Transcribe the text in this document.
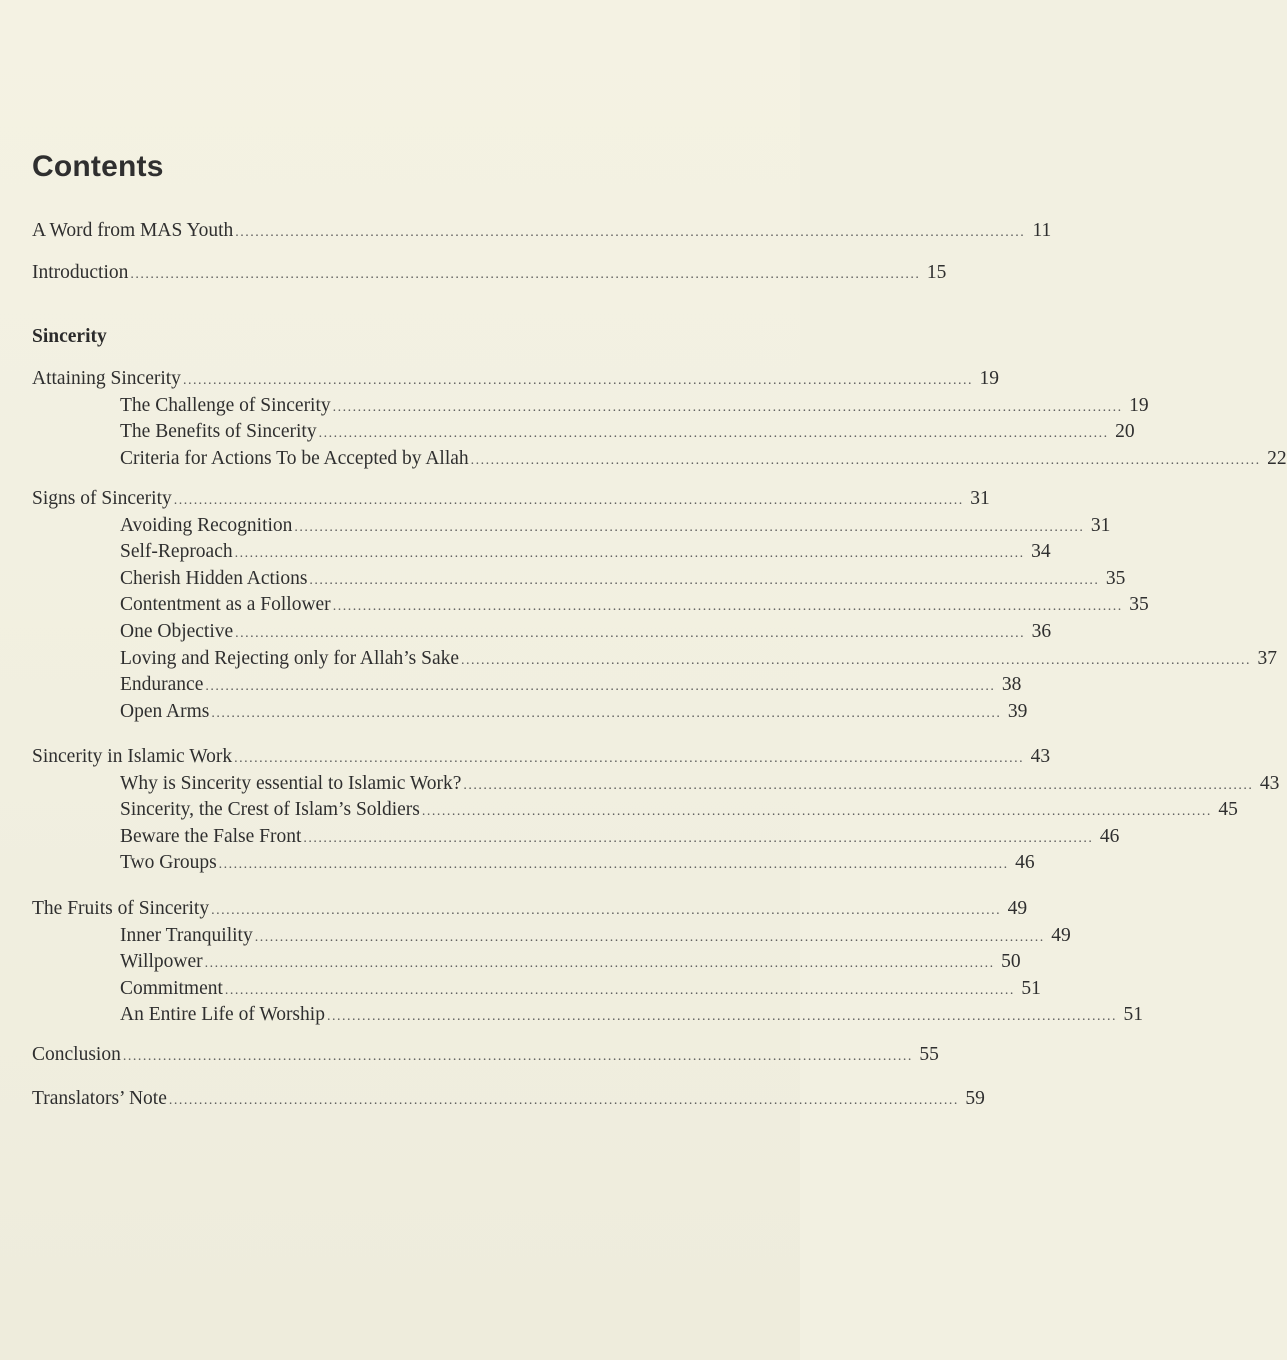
Contents
Sincerity
A Word from MAS Youth .............................................................................................................................................................. 11
Introduction .............................................................................................................................................................. 15
Attaining Sincerity .............................................................................................................................................................. 19
The Challenge of Sincerity .............................................................................................................................................................. 19
The Benefits of Sincerity .............................................................................................................................................................. 20
Criteria for Actions To be Accepted by Allah .............................................................................................................................................................. 22
Signs of Sincerity .............................................................................................................................................................. 31
Avoiding Recognition .............................................................................................................................................................. 31
Self-Reproach .............................................................................................................................................................. 34
Cherish Hidden Actions .............................................................................................................................................................. 35
Contentment as a Follower .............................................................................................................................................................. 35
One Objective .............................................................................................................................................................. 36
Loving and Rejecting only for Allah’s Sake .............................................................................................................................................................. 37
Endurance .............................................................................................................................................................. 38
Open Arms .............................................................................................................................................................. 39
Sincerity in Islamic Work .............................................................................................................................................................. 43
Why is Sincerity essential to Islamic Work? .............................................................................................................................................................. 43
Sincerity, the Crest of Islam’s Soldiers .............................................................................................................................................................. 45
Beware the False Front .............................................................................................................................................................. 46
Two Groups .............................................................................................................................................................. 46
The Fruits of Sincerity .............................................................................................................................................................. 49
Inner Tranquility .............................................................................................................................................................. 49
Willpower .............................................................................................................................................................. 50
Commitment .............................................................................................................................................................. 51
An Entire Life of Worship .............................................................................................................................................................. 51
Conclusion .............................................................................................................................................................. 55
Translators’ Note .............................................................................................................................................................. 59
